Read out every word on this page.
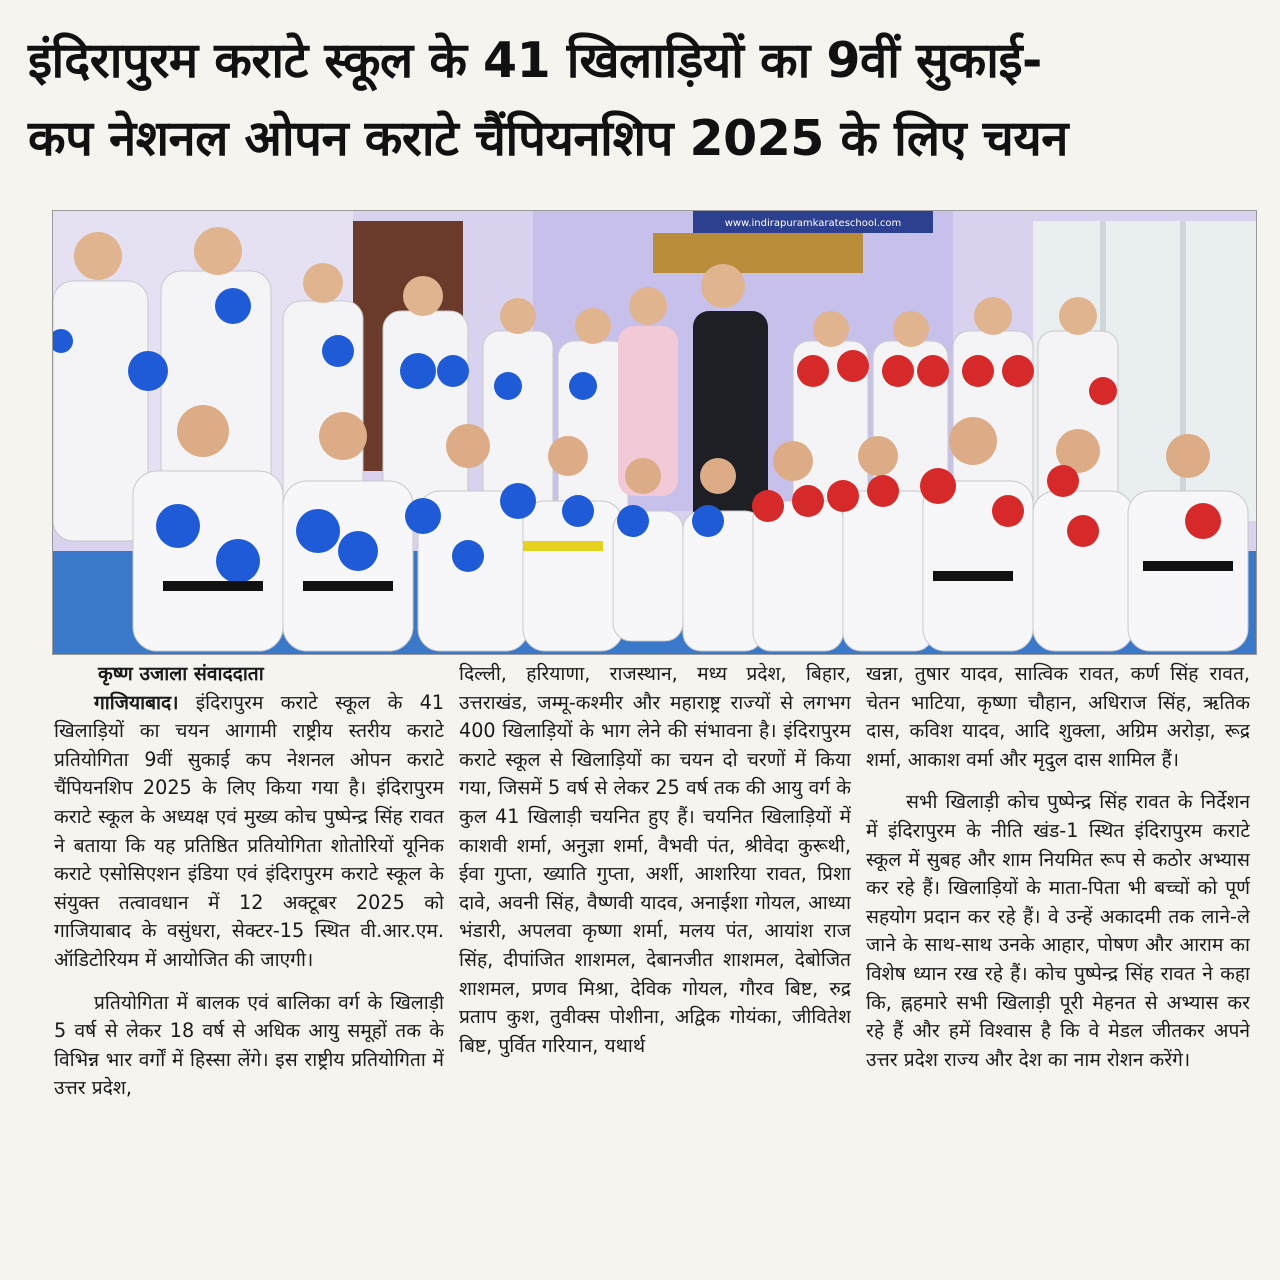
इंदिरापुरम कराटे स्कूल के 41 खिलाड़ियों का 9वीं सुकाई-
कप नेशनल ओपन कराटे चैंपियनशिप 2025 के लिए चयन
www.indirapuramkarateschool.com

कृष्ण उजाला संवाददाता

गाजियाबाद। इंदिरापुरम कराटे स्कूल के 41 खिलाड़ियों का चयन आगामी राष्ट्रीय स्तरीय कराटे प्रतियोगिता 9वीं सुकाई कप नेशनल ओपन कराटे चैंपियनशिप 2025 के लिए किया गया है। इंदिरापुरम कराटे स्कूल के अध्यक्ष एवं मुख्य कोच पुष्पेन्द्र सिंह रावत ने बताया कि यह प्रतिष्ठित प्रतियोगिता शोतोरियों यूनिक कराटे एसोसिएशन इंडिया एवं इंदिरापुरम कराटे स्कूल के संयुक्त तत्वावधान में 12 अक्टूबर 2025 को गाजियाबाद के वसुंधरा, सेक्टर-15 स्थित वी.आर.एम. ऑडिटोरियम में आयोजित की जाएगी।

प्रतियोगिता में बालक एवं बालिका वर्ग के खिलाड़ी 5 वर्ष से लेकर 18 वर्ष से अधिक आयु समूहों तक के विभिन्न भार वर्गों में हिस्सा लेंगे। इस राष्ट्रीय प्रतियोगिता में उत्तर प्रदेश,

दिल्ली, हरियाणा, राजस्थान, मध्य प्रदेश, बिहार, उत्तराखंड, जम्मू-कश्मीर और महाराष्ट्र राज्यों से लगभग 400 खिलाड़ियों के भाग लेने की संभावना है। इंदिरापुरम कराटे स्कूल से खिलाड़ियों का चयन दो चरणों में किया गया, जिसमें 5 वर्ष से लेकर 25 वर्ष तक की आयु वर्ग के कुल 41 खिलाड़ी चयनित हुए हैं। चयनित खिलाड़ियों में काशवी शर्मा, अनुज्ञा शर्मा, वैभवी पंत, श्रीवेदा कुरूथी, ईवा गुप्ता, ख्याति गुप्ता, अर्शी, आशरिया रावत, प्रिशा दावे, अवनी सिंह, वैष्णवी यादव, अनाईशा गोयल, आध्या भंडारी, अपलवा कृष्णा शर्मा, मलय पंत, आयांश राज सिंह, दीपांजित शाशमल, देबानजीत शाशमल, देबोजित शाशमल, प्रणव मिश्रा, देविक गोयल, गौरव बिष्ट, रुद्र प्रताप कुश, तुवीक्स पोशीना, अद्विक गोयंका, जीवितेश बिष्ट, पुर्वित गरियान, यथार्थ

खन्ना, तुषार यादव, सात्विक रावत, कर्ण सिंह रावत, चेतन भाटिया, कृष्णा चौहान, अधिराज सिंह, ऋतिक दास, कविश यादव, आदि शुक्ला, अग्रिम अरोड़ा, रूद्र शर्मा, आकाश वर्मा और मृदुल दास शामिल हैं।

सभी खिलाड़ी कोच पुष्पेन्द्र सिंह रावत के निर्देशन में इंदिरापुरम के नीति खंड-1 स्थित इंदिरापुरम कराटे स्कूल में सुबह और शाम नियमित रूप से कठोर अभ्यास कर रहे हैं। खिलाड़ियों के माता-पिता भी बच्चों को पूर्ण सहयोग प्रदान कर रहे हैं। वे उन्हें अकादमी तक लाने-ले जाने के साथ-साथ उनके आहार, पोषण और आराम का विशेष ध्यान रख रहे हैं। कोच पुष्पेन्द्र सिंह रावत ने कहा कि, ह्नहमारे सभी खिलाड़ी पूरी मेहनत से अभ्यास कर रहे हैं और हमें विश्वास है कि वे मेडल जीतकर अपने उत्तर प्रदेश राज्य और देश का नाम रोशन करेंगे।
